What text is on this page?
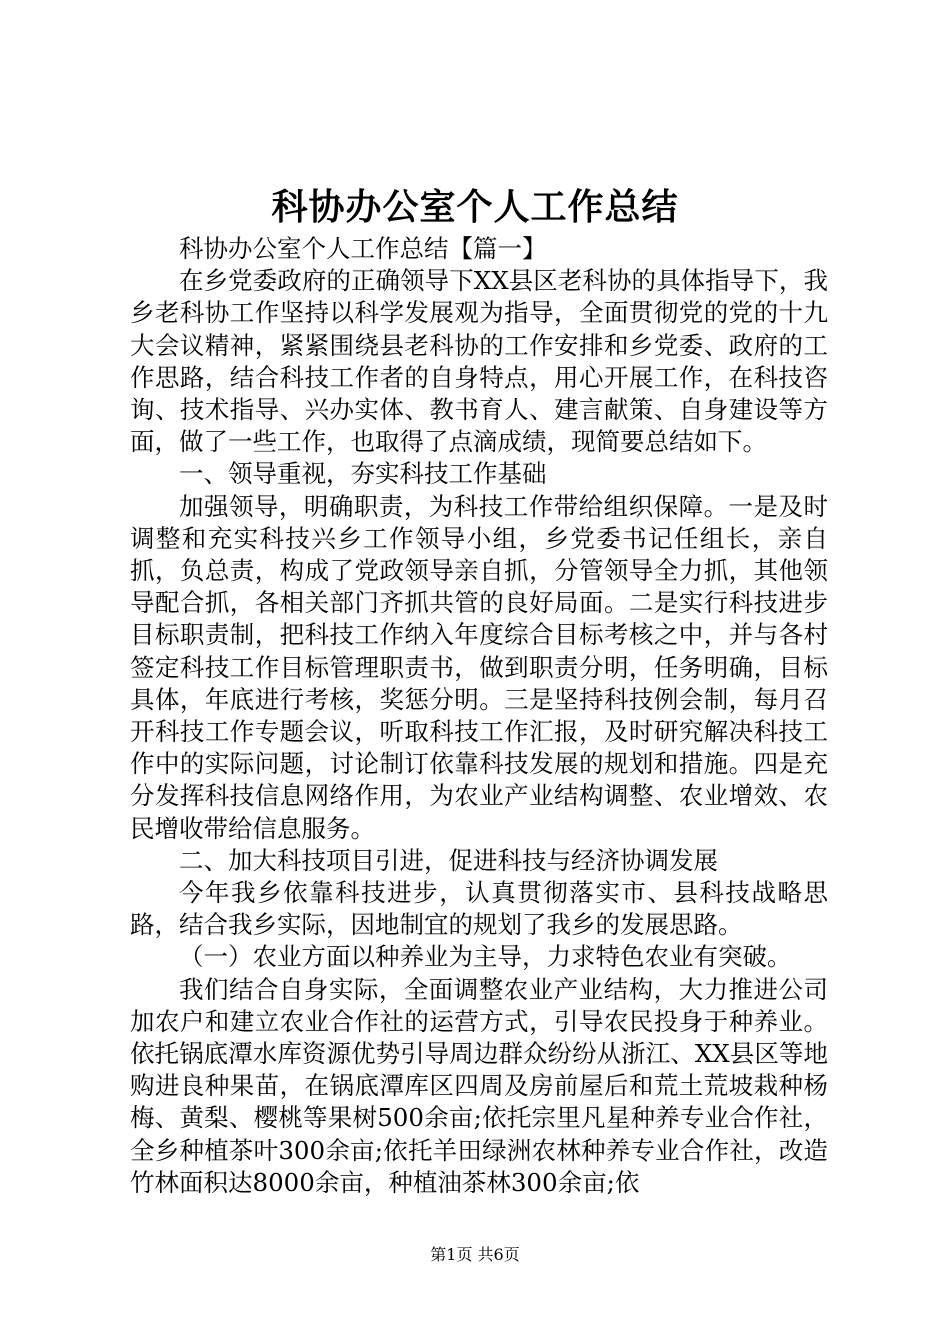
科协办公室个人工作总结

科协办公室个人工作总结【篇一】

在乡党委政府的正确领导下XX县区老科协的具体指导下，我乡老科协工作坚持以科学发展观为指导，全面贯彻党的党的十九大会议精神，紧紧围绕县老科协的工作安排和乡党委、政府的工作思路，结合科技工作者的自身特点，用心开展工作，在科技咨询、技术指导、兴办实体、教书育人、建言献策、自身建设等方面，做了一些工作，也取得了点滴成绩，现简要总结如下。

一、领导重视，夯实科技工作基础

加强领导，明确职责，为科技工作带给组织保障。一是及时调整和充实科技兴乡工作领导小组，乡党委书记任组长，亲自抓，负总责，构成了党政领导亲自抓，分管领导全力抓，其他领导配合抓，各相关部门齐抓共管的良好局面。二是实行科技进步目标职责制，把科技工作纳入年度综合目标考核之中，并与各村签定科技工作目标管理职责书，做到职责分明，任务明确，目标具体，年底进行考核，奖惩分明。三是坚持科技例会制，每月召开科技工作专题会议，听取科技工作汇报，及时研究解决科技工作中的实际问题，讨论制订依靠科技发展的规划和措施。四是充分发挥科技信息网络作用，为农业产业结构调整、农业增效、农民增收带给信息服务。

二、加大科技项目引进，促进科技与经济协调发展

今年我乡依靠科技进步，认真贯彻落实市、县科技战略思路，结合我乡实际，因地制宜的规划了我乡的发展思路。

（一）农业方面以种养业为主导，力求特色农业有突破。

我们结合自身实际，全面调整农业产业结构，大力推进公司加农户和建立农业合作社的运营方式，引导农民投身于种养业。依托锅底潭水库资源优势引导周边群众纷纷从浙江、XX县区等地购进良种果苗，在锅底潭库区四周及房前屋后和荒土荒坡栽种杨梅、黄梨、樱桃等果树500余亩;依托宗里凡星种养专业合作社，全乡种植茶叶300余亩;依托羊田绿洲农林种养专业合作社，改造竹林面积达8000余亩，种植油茶林300余亩;依

第1页 共6页
